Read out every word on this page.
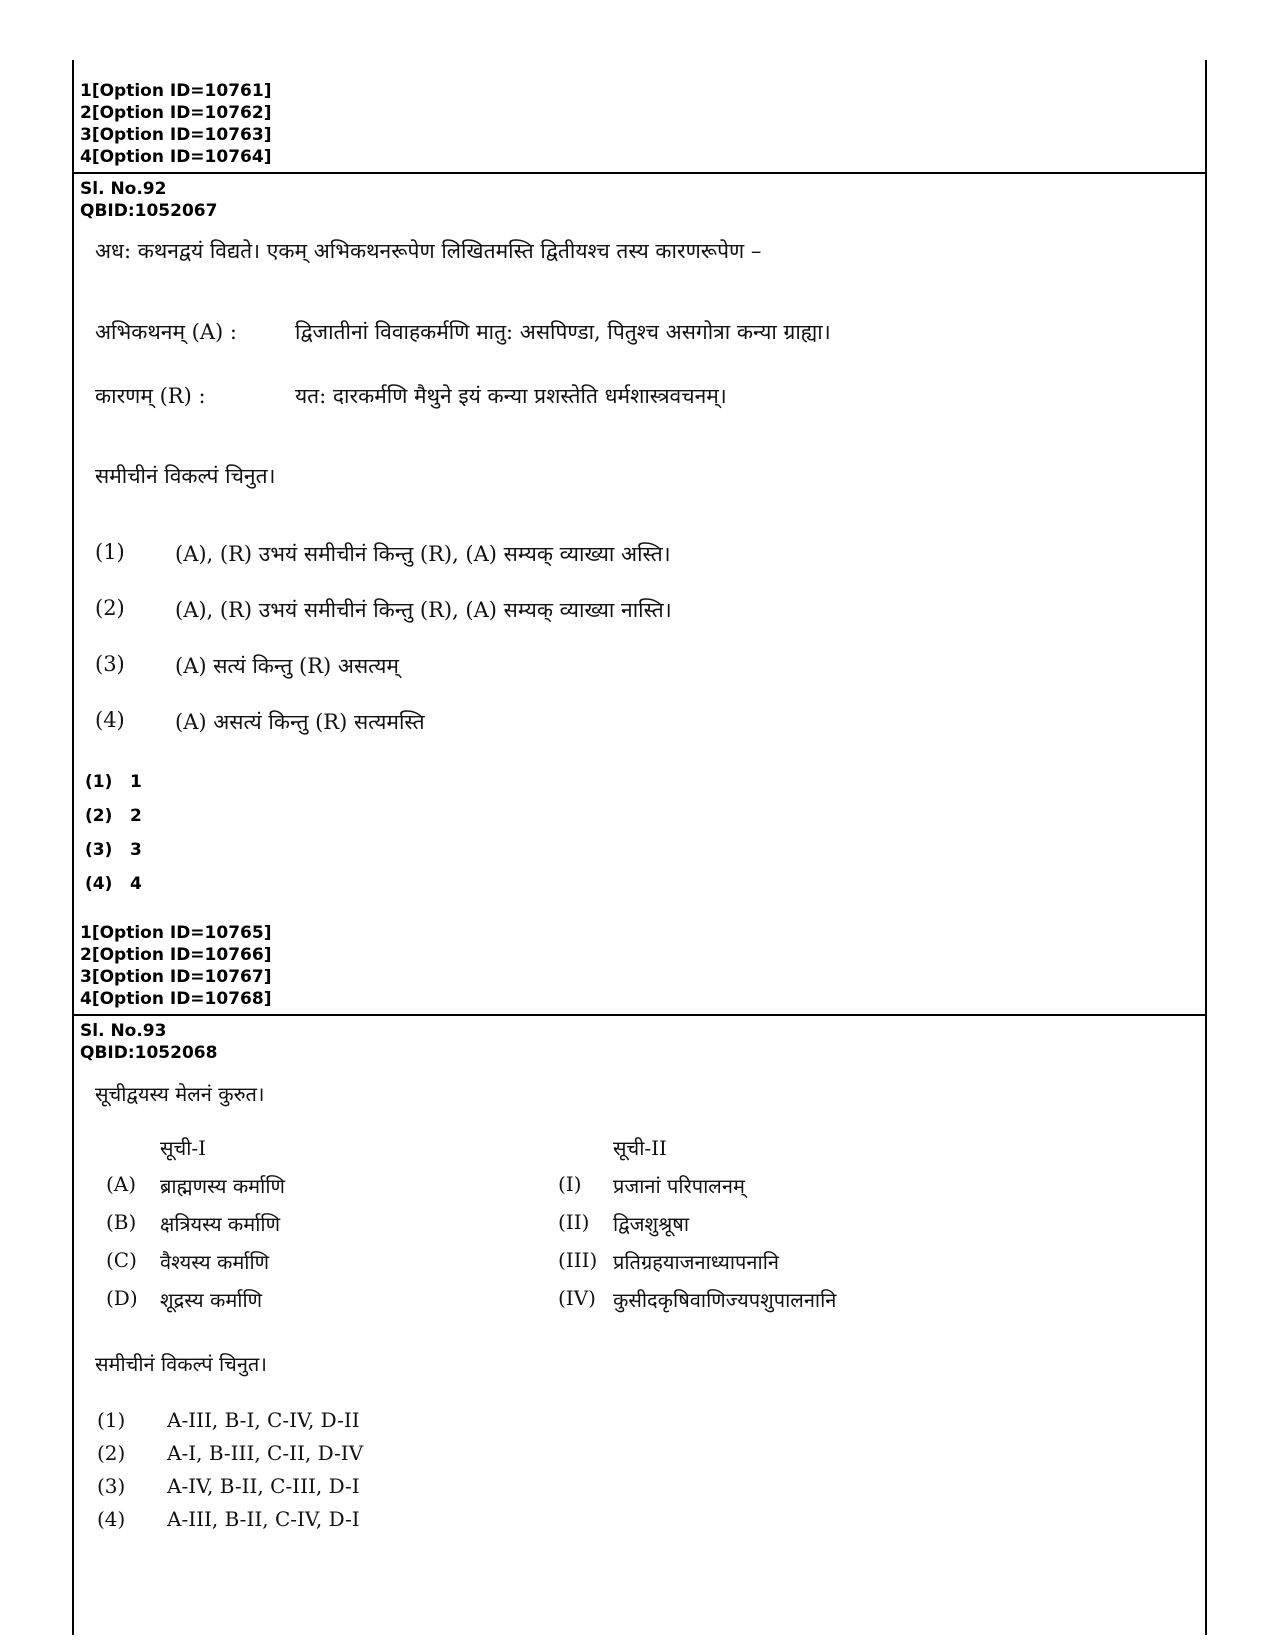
1[Option ID=10761]
2[Option ID=10762]
3[Option ID=10763]
4[Option ID=10764]
Sl. No.92
QBID:1052067
अध: कथनद्वयं विद्यते। एकम् अभिकथनरूपेण लिखितमस्ति द्वितीयश्च तस्य कारणरूपेण –
अभिकथनम् (A) :	द्विजातीनां विवाहकर्मणि मातु: असपिण्डा, पितुश्च असगोत्रा कन्या ग्राह्या।
कारणम् (R) :	यत: दारकर्मणि मैथुने इयं कन्या प्रशस्तेति धर्मशास्त्रवचनम्।
समीचीनं विकल्पं चिनुत।
(1) (A), (R) उभयं समीचीनं किन्तु (R), (A) सम्यक् व्याख्या अस्ति।
(2) (A), (R) उभयं समीचीनं किन्तु (R), (A) सम्यक् व्याख्या नास्ति।
(3) (A) सत्यं किन्तु (R) असत्यम्
(4) (A) असत्यं किन्तु (R) सत्यमस्ति
(1) 1
(2) 2
(3) 3
(4) 4
1[Option ID=10765]
2[Option ID=10766]
3[Option ID=10767]
4[Option ID=10768]
Sl. No.93
QBID:1052068
सूचीद्वयस्य मेलनं कुरुत।
सूची-I	सूची-II
(A) ब्राह्मणस्य कर्माणि	(I) प्रजानां परिपालनम्
(B) क्षत्रियस्य कर्माणि	(II) द्विजशुश्रूषा
(C) वैश्यस्य कर्माणि	(III) प्रतिग्रहयाजनाध्यापनानि
(D) शूद्रस्य कर्माणि	(IV) कुसीदकृषिवाणिज्यपशुपालनानि
समीचीनं विकल्पं चिनुत।
(1) A-III, B-I, C-IV, D-II
(2) A-I, B-III, C-II, D-IV
(3) A-IV, B-II, C-III, D-I
(4) A-III, B-II, C-IV, D-I
